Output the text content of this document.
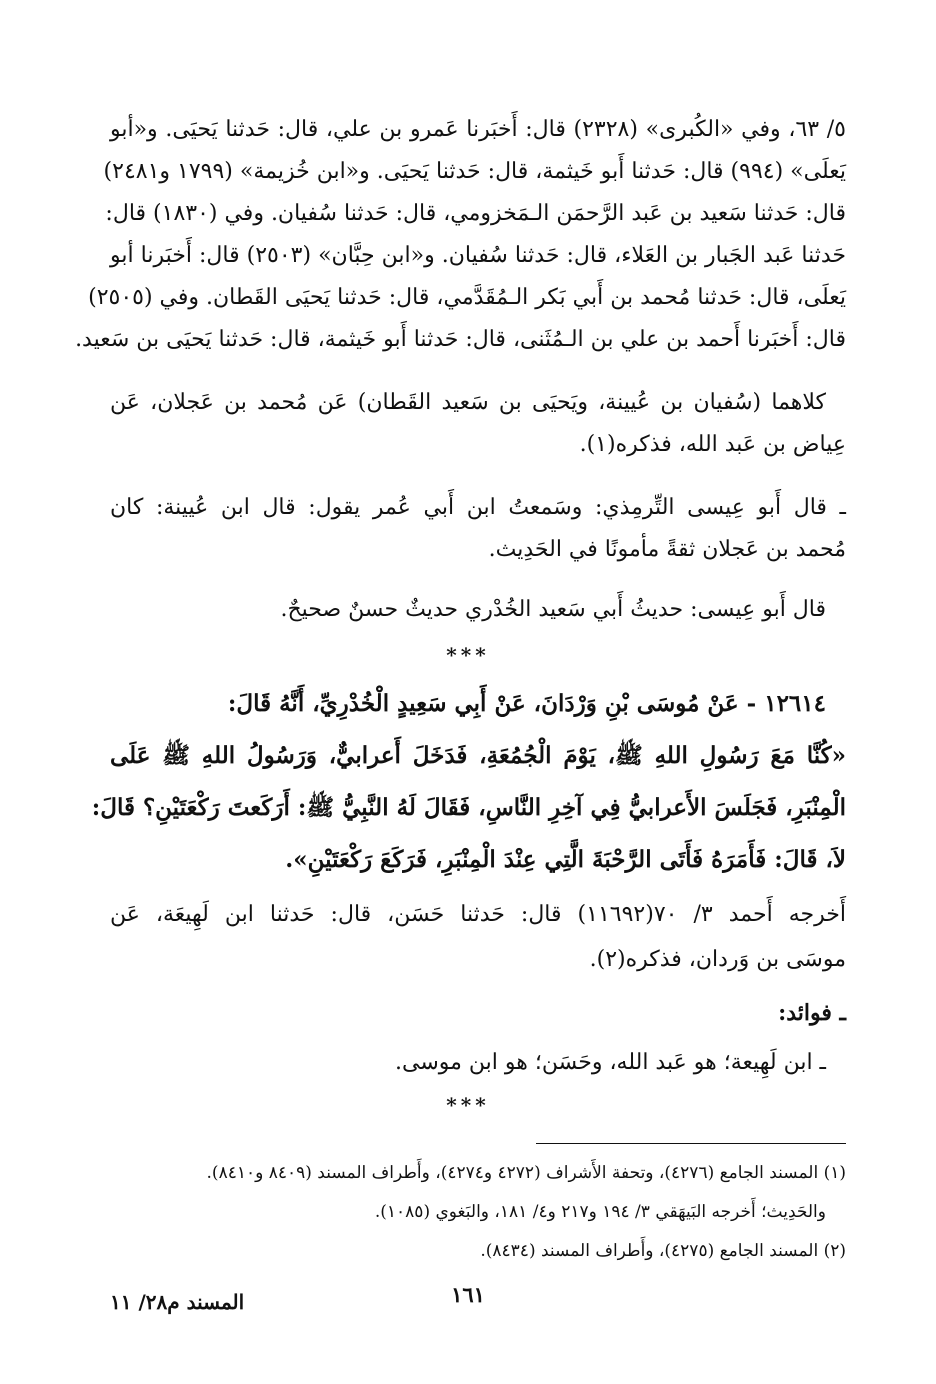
٥/ ٦٣، وفي «الكُبرى» (٢٣٢٨) قال: أَخبَرنا عَمرو بن علي، قال: حَدثنا يَحيَى. و«أبو
يَعلَى» (٩٩٤) قال: حَدثنا أَبو خَيثمة، قال: حَدثنا يَحيَى. و«ابن خُزيمة» (١٧٩٩ و٢٤٨١)
قال: حَدثنا سَعيد بن عَبد الرَّحمَن الـمَخزومي، قال: حَدثنا سُفيان. وفي (١٨٣٠) قال:
حَدثنا عَبد الجَبار بن العَلاء، قال: حَدثنا سُفيان. و«ابن حِبَّان» (٢٥٠٣) قال: أَخبَرنا أبو
يَعلَى، قال: حَدثنا مُحمد بن أَبي بَكر الـمُقَدَّمي، قال: حَدثنا يَحيَى القَطان. وفي (٢٥٠٥)
قال: أَخبَرنا أَحمد بن علي بن الـمُثَنى، قال: حَدثنا أَبو خَيثمة، قال: حَدثنا يَحيَى بن سَعيد.
كلاهما (سُفيان بن عُيينة، ويَحيَى بن سَعيد القَطان) عَن مُحمد بن عَجلان، عَن
عِياض بن عَبد الله، فذكره(١).
ـ قال أَبو عِيسى التِّرمِذي: وسَمعتُ ابن أَبي عُمر يقول: قال ابن عُيينة: كان
مُحمد بن عَجلان ثقةً مأمونًا في الحَدِيث.
قال أَبو عِيسى: حديثُ أَبي سَعيد الخُدْري حديثٌ حسنٌ صحيحٌ.
***
١٢٦١٤ - عَنْ مُوسَى بْنِ وَرْدَانَ، عَنْ أَبِي سَعِيدٍ الْخُدْرِيِّ، أَنَّهُ قَالَ:
«كُنَّا مَعَ رَسُولِ اللهِ ﷺ، يَوْمَ الْجُمُعَةِ، فَدَخَلَ أَعرابيٌّ، وَرَسُولُ اللهِ ﷺ عَلَى
الْمِنْبَرِ، فَجَلَسَ الأَعرابيُّ فِي آخِرِ النَّاسِ، فَقَالَ لَهُ النَّبِيُّ ﷺ: أَرَكَعتَ رَكْعَتَيْنِ؟ قَالَ:
لاَ، قَالَ: فَأَمَرَهُ فَأَتَى الرَّحْبَةَ الَّتِي عِنْدَ الْمِنْبَرِ، فَرَكَعَ رَكْعَتَيْنِ».
أَخرجه أَحمد ٣/ ٧٠(١١٦٩٢) قال: حَدثنا حَسَن، قال: حَدثنا ابن لَهِيعَة، عَن
موسَى بن وَردان، فذكره(٢).
ـ فوائد:
ـ ابن لَهِيعة؛ هو عَبد الله، وحَسَن؛ هو ابن موسى.
***
(١) المسند الجامع (٤٢٧٦)، وتحفة الأَشراف (٤٢٧٢ و٤٢٧٤)، وأَطراف المسند (٨٤٠٩ و٨٤١٠).
والحَدِيث؛ أَخرجه البَيهَقي ٣/ ١٩٤ و٢١٧ و٤/ ١٨١، والبَغوي (١٠٨٥).
(٢) المسند الجامع (٤٢٧٥)، وأَطراف المسند (٨٤٣٤).
١٦١
المسند م٢٨/ ١١
